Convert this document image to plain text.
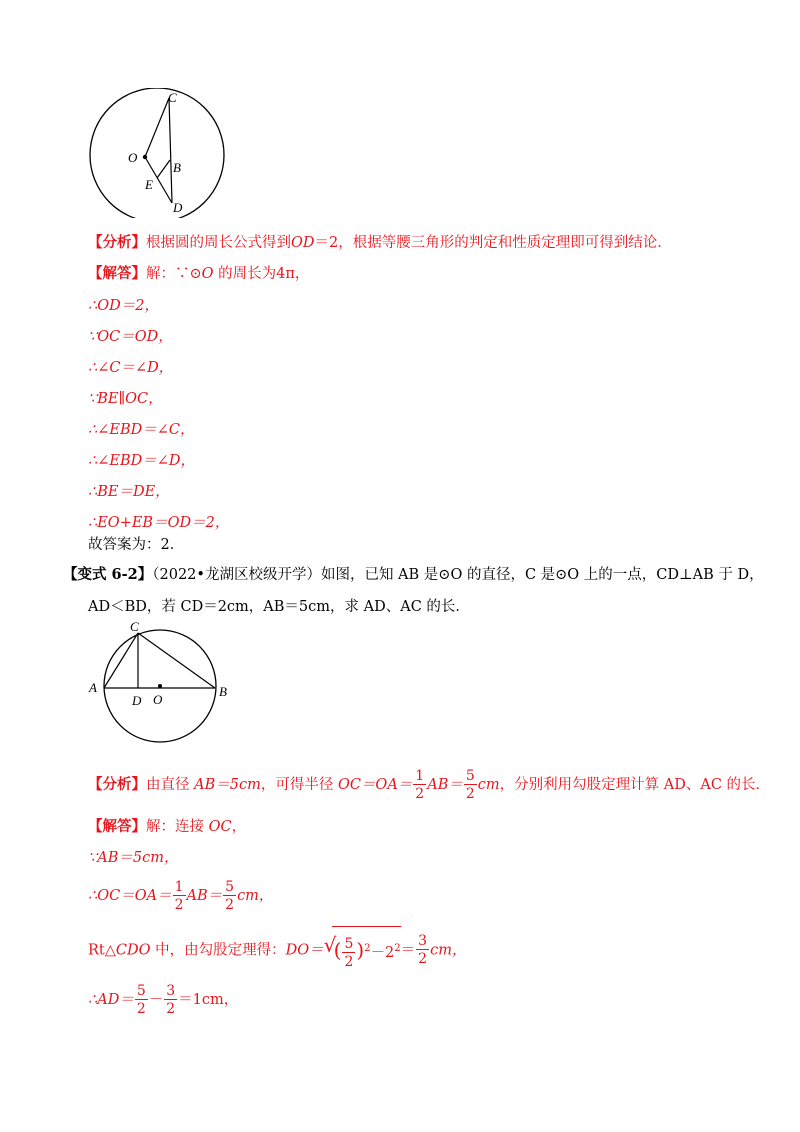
C
O
B
E
D
【分析】根据圆的周长公式得到OD＝2，根据等腰三角形的判定和性质定理即可得到结论．
【解答】解：∵⊙O 的周长为4π，
∴OD＝2，
∵OC＝OD，
∴∠C＝∠D，
∵BE∥OC，
∴∠EBD＝∠C，
∴∠EBD＝∠D，
∴BE＝DE，
∴EO+EB＝OD＝2，
故答案为：2．
【变式 6-2】（2022•龙湖区校级开学）如图，已知 AB 是⊙O 的直径，C 是⊙O 上的一点，CD⊥AB 于 D，
AD＜BD，若 CD＝2cm，AB＝5cm，求 AD、AC 的长．
C
A
D O
B
【分析】由直径 AB＝5cm，可得半径 $OC=OA= \frac{1}{2} AB= \frac{5}{2}$ cm，分别利用勾股定理计算 AD、AC 的长．
【解答】解：连接 OC，
∵AB＝5cm，
∴OC＝OA＝ $\frac{1}{2} AB= \frac{5}{2}$ cm，
Rt△CDO 中，由勾股定理得：DO＝ √
( $\frac{5}{2} )^2-2^2= \frac{3}{2}$ cm，
∴AD＝ $\frac{5}{2} - \frac{3}{2} =1cm$，
